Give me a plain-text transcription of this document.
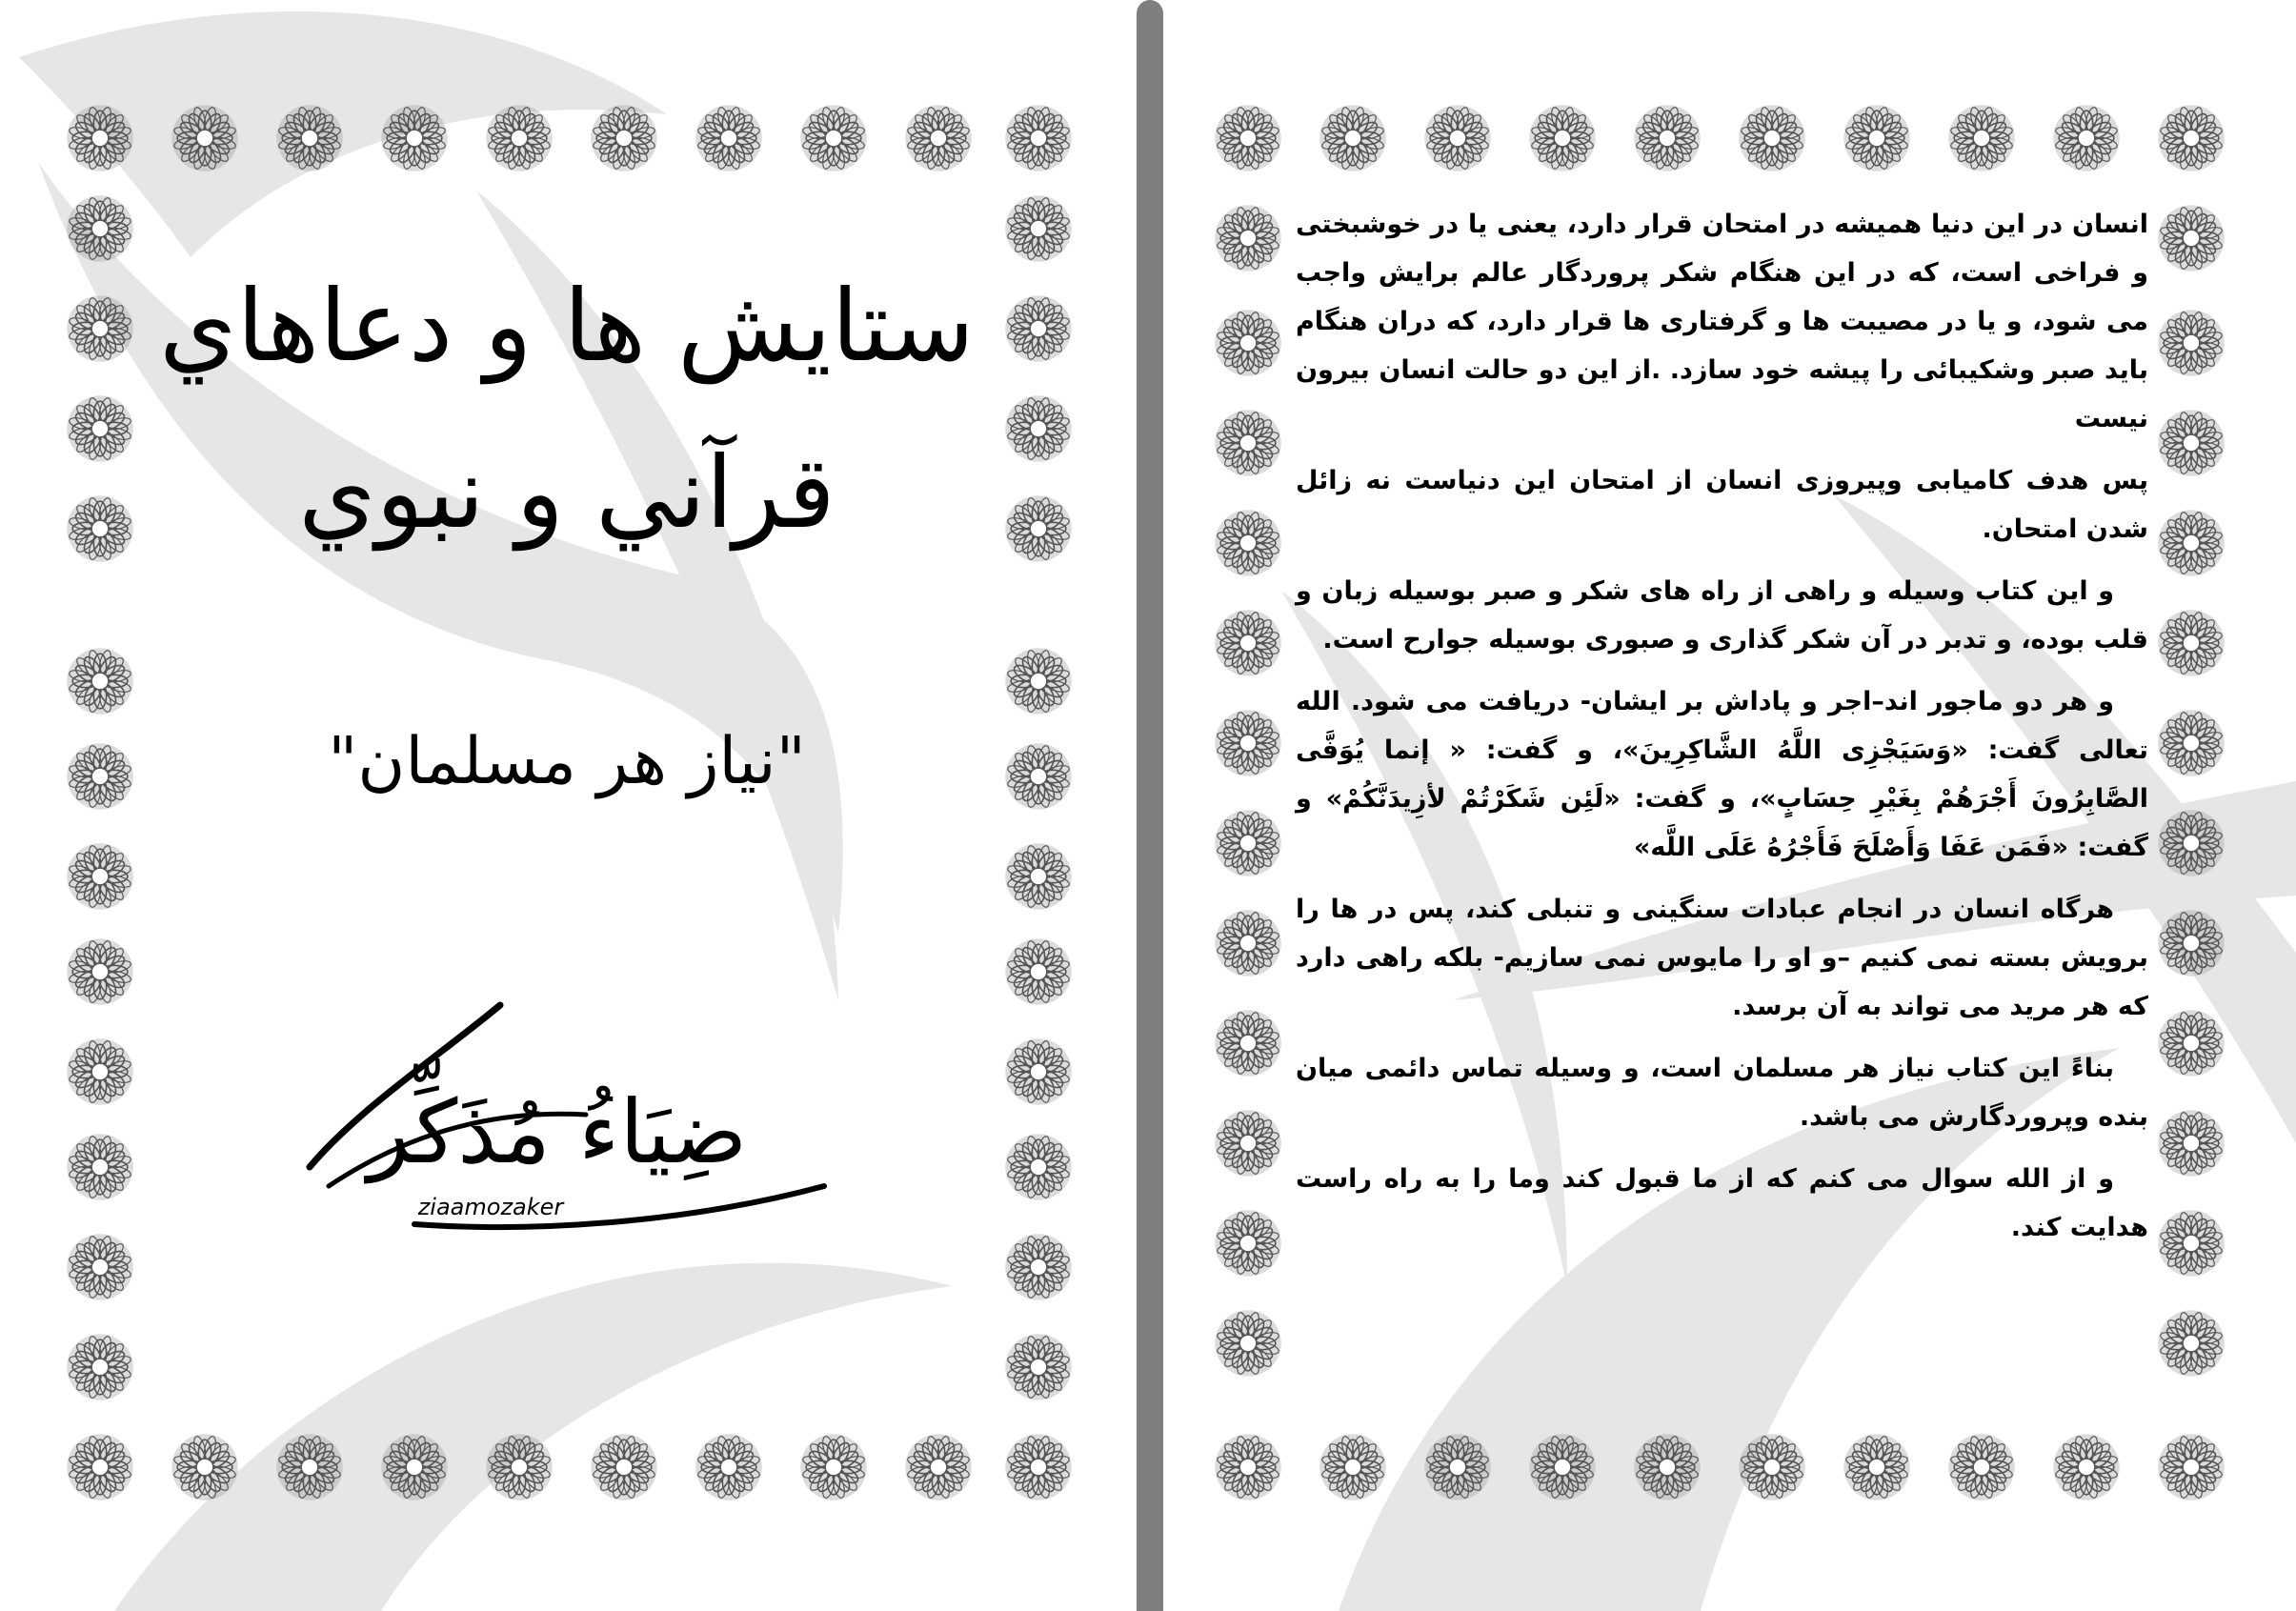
ستايش ها و دعاهاي
قرآني و نبوي
"نیاز هر مسلمان"
ضِيَاءُ مُذَكِّر
ziaamozaker

انسان در این دنیا همیشه در امتحان قرار دارد، یعنی یا در خوشبختی و فراخی است، که در این هنگام شکر پروردگار عالم برایش واجب می شود، و یا در مصیبت ها و گرفتاری ها قرار دارد، که دران هنگام باید صبر وشکیبائی را پیشه خود سازد. .از این دو حالت انسان بیرون نیست

پس هدف کامیابی وپیروزی انسان از امتحان این دنیاست نه زائل شدن امتحان.

و این کتاب وسیله و راهی از راه های شکر و صبر بوسیله زبان و قلب بوده، و تدبر در آن شکر گذاری و صبوری بوسیله جوارح است.

و هر دو ماجور اند–اجر و پاداش بر ایشان- دریافت می شود. الله تعالی گفت: «وَسَيَجْزِى اللَّهُ الشَّاكِرِينَ»، و گفت: « إنما يُوَفَّى الصَّابِرُونَ أَجْرَهُمْ بِغَيْرِ حِسَابٍ»، و گفت: «لَئِن شَكَرْتُمْ لأزِيدَنَّكُمْ» و گفت: «فَمَن عَفَا وَأَصْلَحَ فَأَجْرُهُ عَلَى اللَّه»

هرگاه انسان در انجام عبادات سنگینی و تنبلی کند، پس در ها را برویش بسته نمی کنیم –و او را مایوس نمی سازیم- بلکه راهی دارد که هر مرید می تواند به آن برسد.

بناءً این کتاب نیاز هر مسلمان است، و وسیله تماس دائمی میان بنده وپروردگارش می باشد.

و از الله سوال می کنم که از ما قبول کند وما را به راه راست هدایت کند.
